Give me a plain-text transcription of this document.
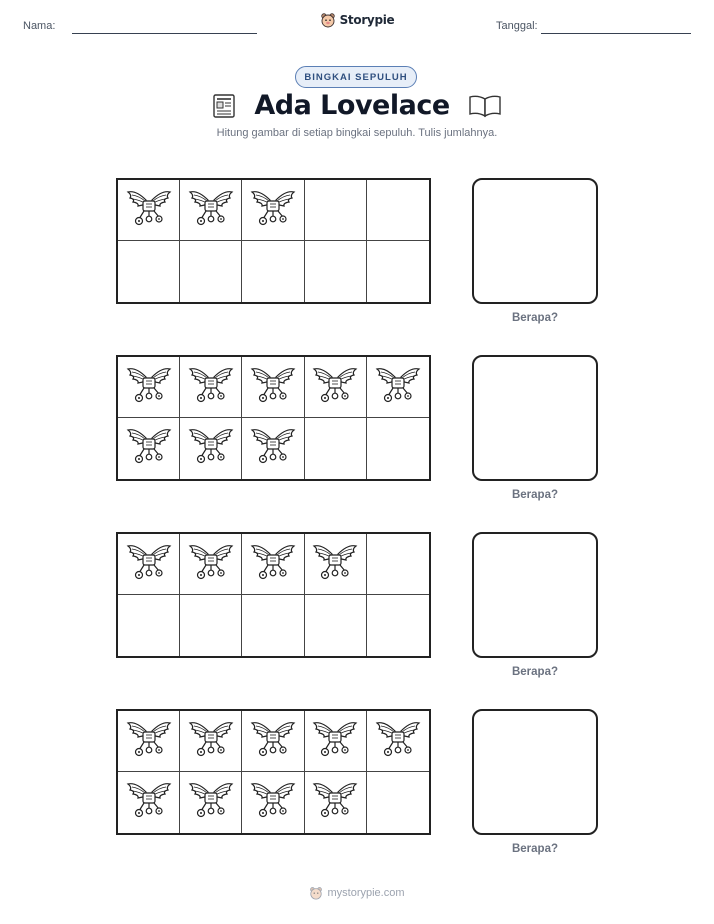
Nama:	Storypie	Tanggal:
BINGKAI SEPULUH
Ada Lovelace
Hitung gambar di setiap bingkai sepuluh. Tulis jumlahnya.
Berapa?
Berapa?
Berapa?
Berapa?
mystorypie.com
